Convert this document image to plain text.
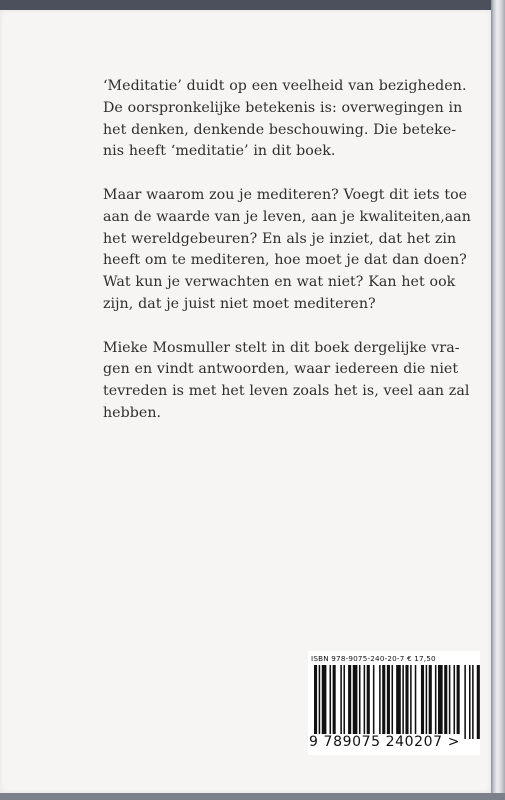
‘Meditatie’ duidt op een veelheid van bezigheden.
De oorspronkelijke betekenis is: overwegingen in
het denken, denkende beschouwing. Die beteke-
nis heeft ‘meditatie’ in dit boek.

Maar waarom zou je mediteren? Voegt dit iets toe
aan de waarde van je leven, aan je kwaliteiten,aan
het wereldgebeuren? En als je inziet, dat het zin
heeft om te mediteren, hoe moet je dat dan doen?
Wat kun je verwachten en wat niet? Kan het ook
zijn, dat je juist niet moet mediteren?

Mieke Mosmuller stelt in dit boek dergelijke vra-
gen en vindt antwoorden, waar iedereen die niet
tevreden is met het leven zoals het is, veel aan zal
hebben.

ISBN 978-9075-240-20-7 € 17,50
9 789075 240207 >
